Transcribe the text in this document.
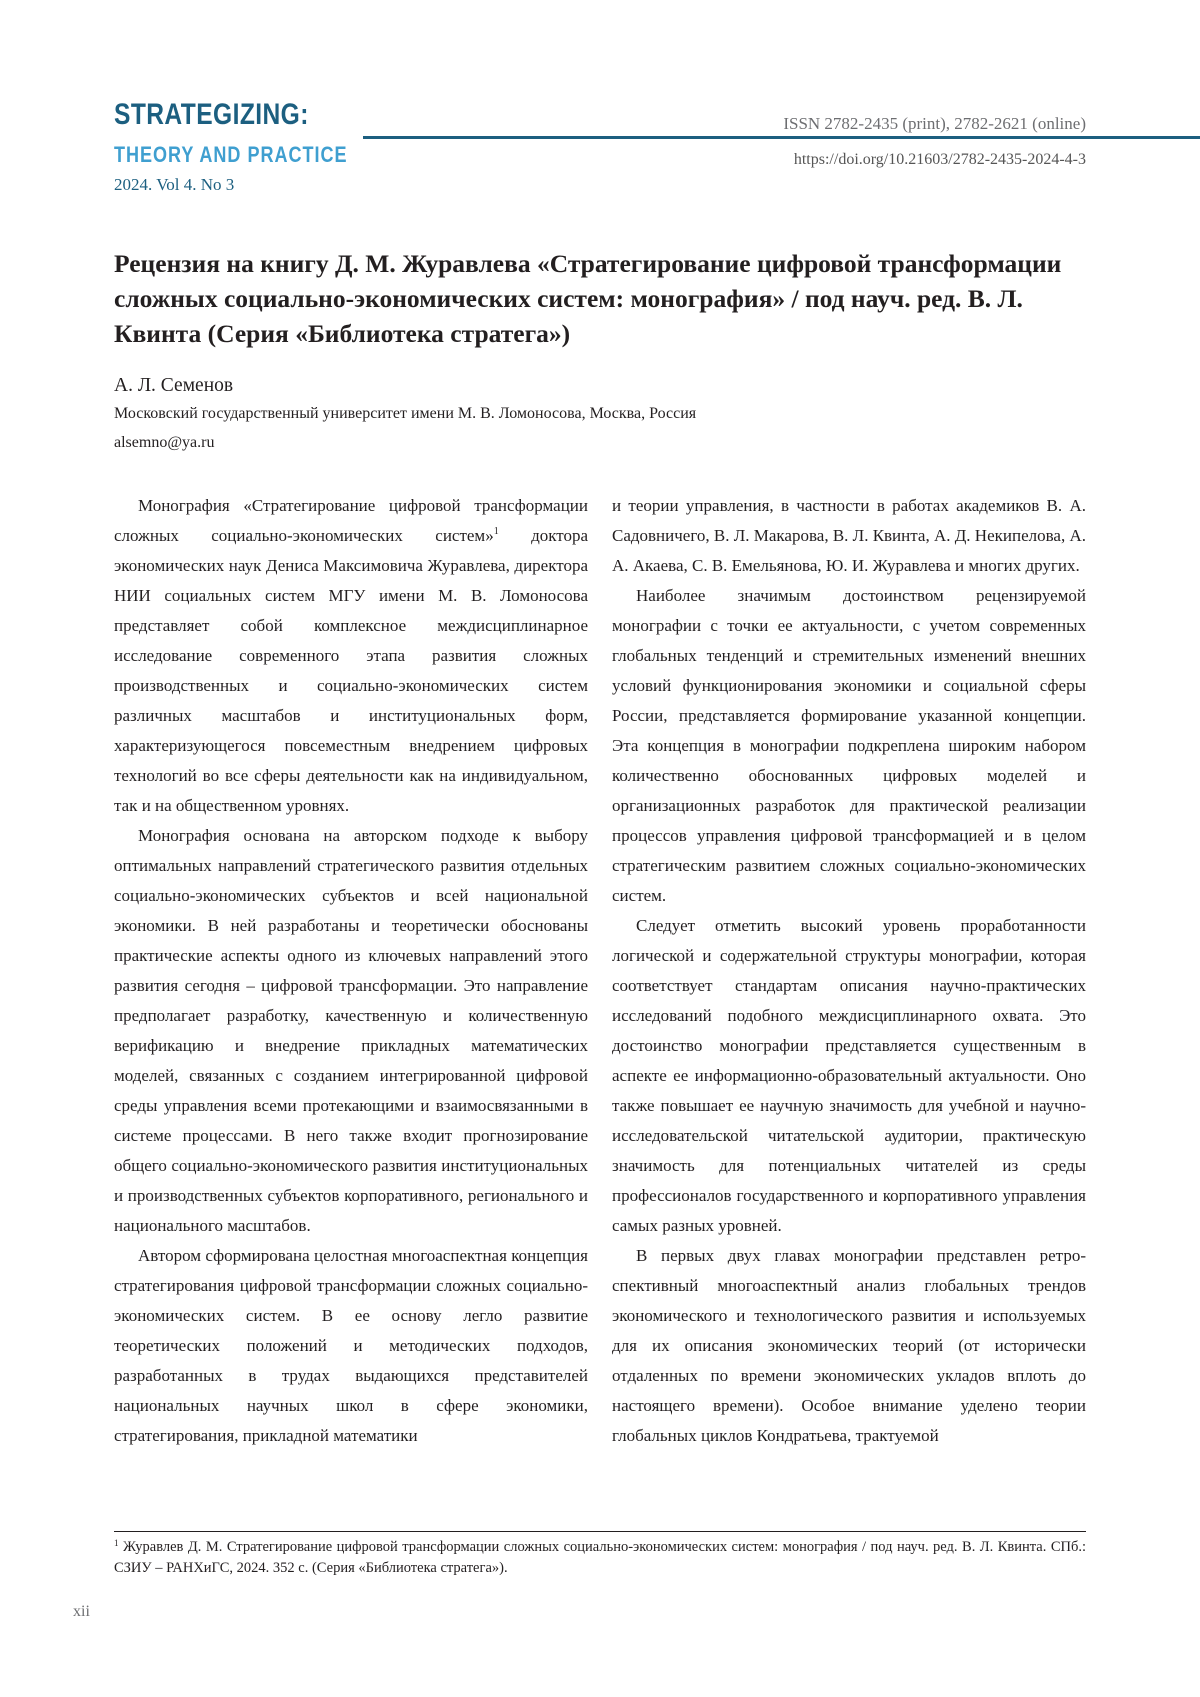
STRATEGIZING:

THEORY AND PRACTICE

2024. Vol 4. No 3

ISSN 2782-2435 (print), 2782-2621 (online)

https://doi.org/10.21603/2782-2435-2024-4-3

Рецензия на книгу Д. М. Журавлева «Стратегирование цифровой трансформации сложных социально-экономических систем: монография» / под науч. ред. В. Л. Квинта (Серия «Библиотека стратега»)

А. Л. Семенов

Московский государственный университет имени М. В. Ломоносова, Москва, Россия

alsemno@ya.ru

Монография «Стратегирование цифровой трансформации сложных социально-экономических систем»$^1$ доктора экономических наук Дениса Максимовича Журавлева, директора НИИ социальных систем МГУ имени М. В. Ломоносова представляет собой комплексное междисциплинарное исследование современного этапа развития сложных производственных и социально-экономических систем различных масштабов и институциональных форм, характеризующегося повсеместным внедрением цифровых технологий во все сферы деятельности как на индивидуальном, так и на общественном уровнях.

Монография основана на авторском подходе к выбору оптимальных направлений стратегического развития отдельных социально-экономических субъектов и всей национальной экономики. В ней разработаны и теоретически обоснованы практические аспекты одного из ключевых направлений этого развития сегодня – цифровой трансформации. Это направление предполагает разработку, качественную и количественную верификацию и внедрение прикладных математических моделей, связанных с созданием интегрированной цифровой среды управления всеми протекающими и взаимосвязанными в системе процессами. В него также входит прогнозирование общего социально-экономического развития институциональных и производственных субъектов корпоративного, регионального и национального масштабов.

Автором сформирована целостная многоаспектная концепция стратегирования цифровой трансформации сложных социально-экономических систем. В ее основу легло развитие теоретических положений и методических подходов, разработанных в трудах выдающихся представителей национальных научных школ в сфере экономики, стратегирования, прикладной математики

и теории управления, в частности в работах академиков В. А. Садовничего, В. Л. Макарова, В. Л. Квинта, А. Д. Некипелова, А. А. Акаева, С. В. Емельянова, Ю. И. Журавлева и многих других.

Наиболее значимым достоинством рецензируемой монографии с точки ее актуальности, с учетом современных глобальных тенденций и стремительных изменений внешних условий функционирования экономики и социальной сферы России, представляется формирование указанной концепции. Эта концепция в монографии подкреплена широким набором количественно обоснованных цифровых моделей и организационных разработок для практической реализации процессов управления цифровой трансформацией и в целом стратегическим развитием сложных социально-экономических систем.

Следует отметить высокий уровень проработанности логической и содержательной структуры монографии, которая соответствует стандартам описания научно-практических исследований подобного междисциплинарного охвата. Это достоинство монографии представляется существенным в аспекте ее информационно-образовательный актуальности. Оно также повышает ее научную значимость для учебной и научно-исследовательской читательской аудитории, практическую значимость для потенциальных читателей из среды профессионалов государственного и корпоративного управления самых разных уровней.

В первых двух главах монографии представлен ретроспективный многоаспектный анализ глобальных трендов экономического и технологического развития и используемых для их описания экономических теорий (от исторически отдаленных по времени экономических укладов вплоть до настоящего времени). Особое внимание уделено теории глобальных циклов Кондратьева, трактуемой

$^1$ Журавлев Д. М. Стратегирование цифровой трансформации сложных социально-экономических систем: монография / под науч. ред. В. Л. Квинта. СПб.: СЗИУ – РАНХиГС, 2024. 352 с. (Серия «Библиотека стратега»).

xii
